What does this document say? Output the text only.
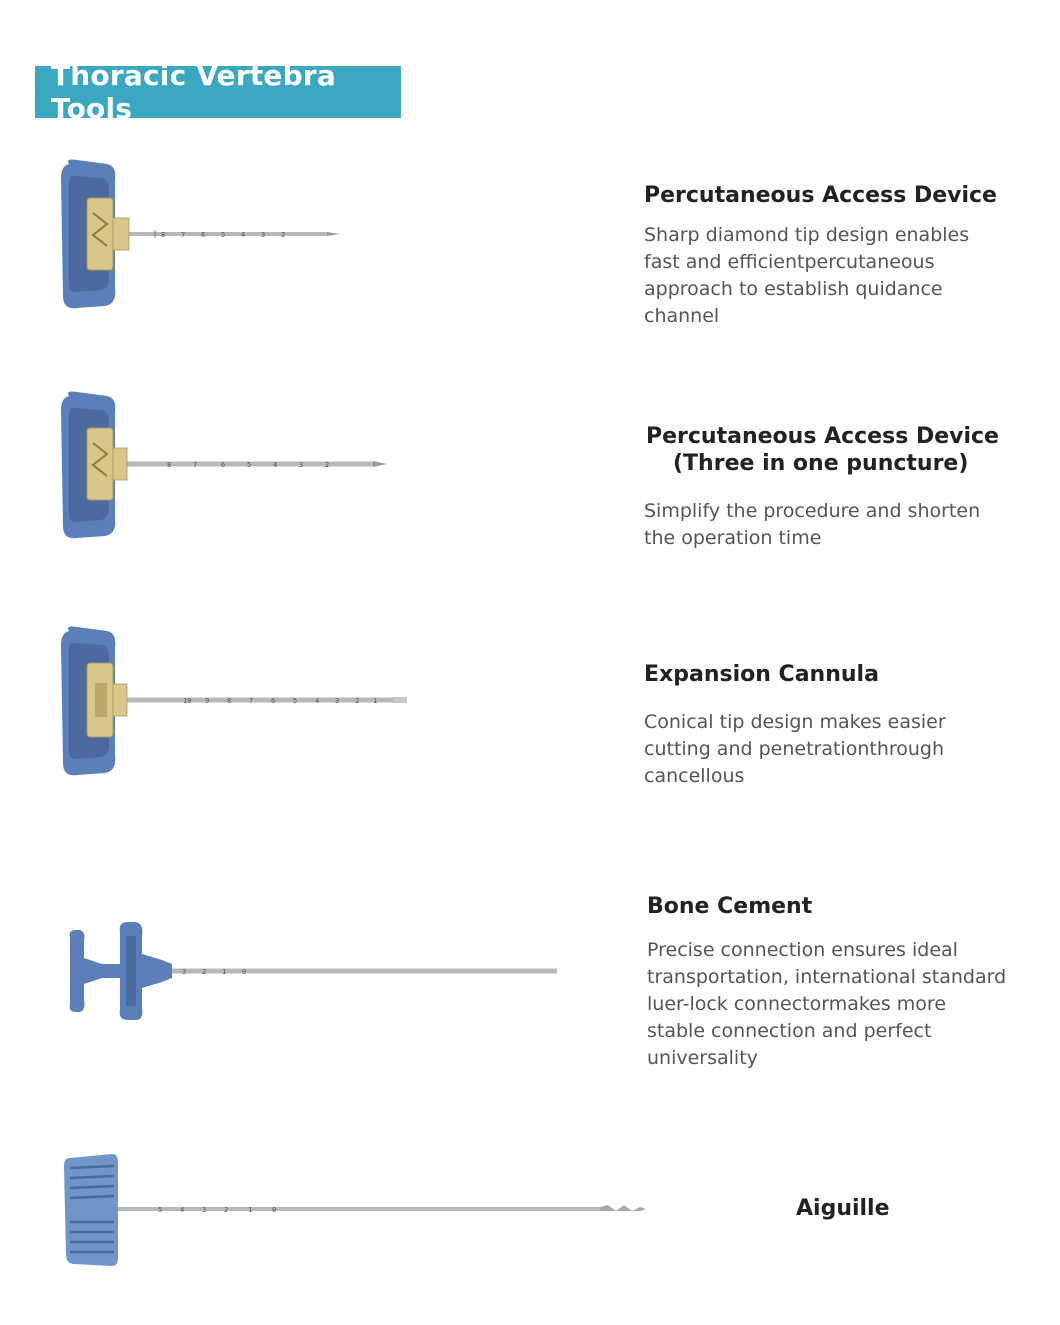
Thoracic Vertebra Tools
8 7 6 5 4 3 2
Percutaneous Access Device
Sharp diamond tip design enables fast and efficientpercutaneous approach to establish quidance channel
8	7	6	5	4	3	2
Percutaneous Access Device
(Three in one puncture)
Simplify the procedure and shorten the operation time
10 9	8	7	6	5	4 3 2 1
Expansion Cannula
Conical tip design makes easier cutting and penetrationthrough cancellous
3 2 1 0
Bone Cement
Precise connection ensures ideal transportation, international standard luer-lock connectormakes more stable connection and perfect universality
5	4	3	2	1	0	Aiguille
